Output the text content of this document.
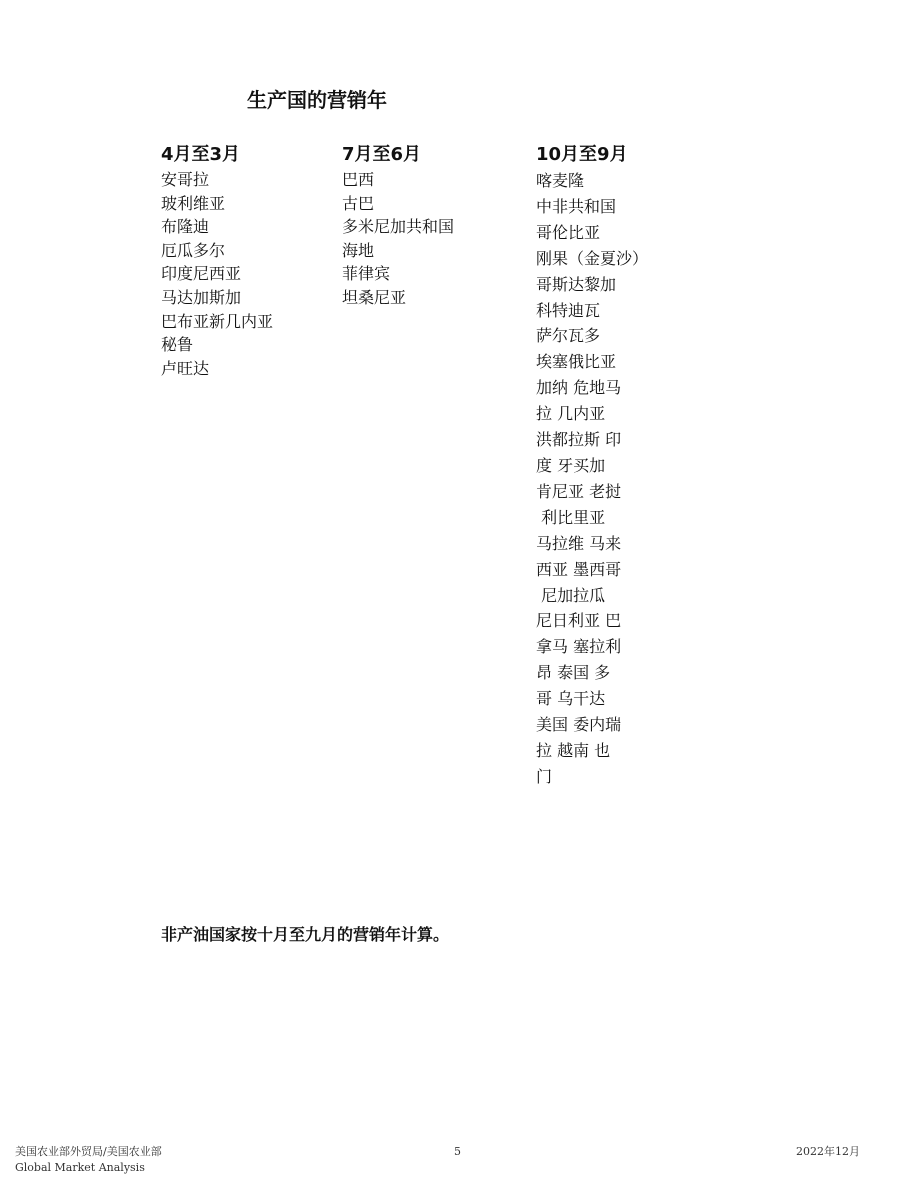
生产国的营销年
4月至3月
安哥拉
玻利维亚
布隆迪
厄瓜多尔
印度尼西亚
马达加斯加
巴布亚新几内亚
秘鲁
卢旺达
7月至6月
巴西
古巴
多米尼加共和国
海地
菲律宾
坦桑尼亚
10月至9月
喀麦隆
中非共和国
哥伦比亚
刚果（金夏沙）
哥斯达黎加
科特迪瓦
萨尔瓦多
埃塞俄比亚
加纳 危地马
拉 几内亚
洪都拉斯 印
度 牙买加
肯尼亚 老挝
利比里亚
马拉维 马来
西亚 墨西哥
尼加拉瓜
尼日利亚 巴
拿马 塞拉利
昂 泰国 多
哥 乌干达
美国 委内瑞
拉 越南 也
门
非产油国家按十月至九月的营销年计算。
美国农业部外贸局/美国农业部
Global Market Analysis
5	2022年12月
